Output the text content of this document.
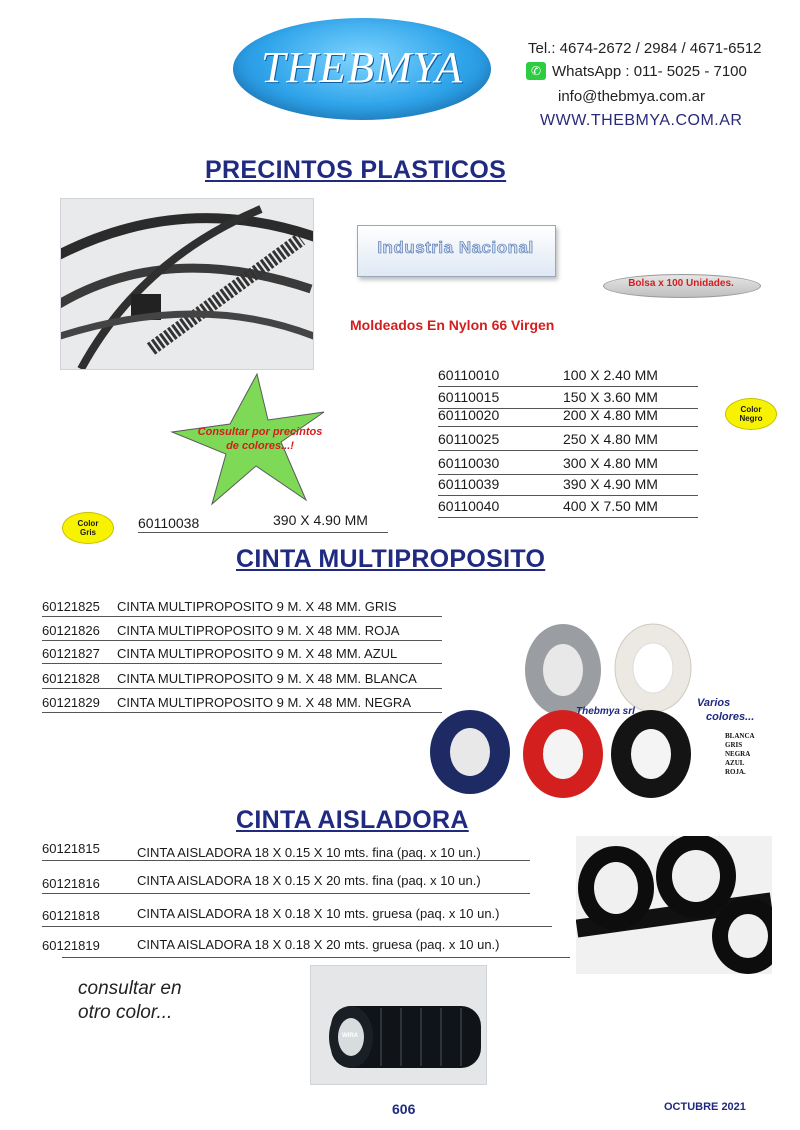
THEBMYA	Tel.: 4674-2672 / 2984 / 4671-6512
✆ WhatsApp : 011- 5025 - 7100
info@thebmya.com.ar
WWW.THEBMYA.COM.AR
PRECINTOS PLASTICOS
Industria Nacional
Bolsa x 100 Unidades.
Moldeados En Nylon 66 Virgen
Consultar por precintos de colores...!
60110010	100 X 2.40 MM
60110015	150 X 3.60 MM
60110020	200 X 4.80 MM
60110025	250 X 4.80 MM
60110030	300 X 4.80 MM
60110039	390 X 4.90 MM
60110040	400 X 7.50 MM
Color
Negro
Color
Gris
60110038	390 X 4.90 MM
CINTA MULTIPROPOSITO
60121825 CINTA MULTIPROPOSITO 9 M. X 48 MM. GRIS
60121826 CINTA MULTIPROPOSITO 9 M. X 48 MM. ROJA
60121827 CINTA MULTIPROPOSITO 9 M. X 48 MM. AZUL
60121828 CINTA MULTIPROPOSITO 9 M. X 48 MM. BLANCA
60121829 CINTA MULTIPROPOSITO 9 M. X 48 MM. NEGRA
Thebmya srl
Varios
colores...
BLANCA
GRIS
NEGRA
AZUL
ROJA.
CINTA AISLADORA
60121815	CINTA AISLADORA 18 X 0.15 X 10 mts. fina (paq. x 10 un.)
60121816	CINTA AISLADORA 18 X 0.15 X 20 mts. fina (paq. x 10 un.)
60121818	CINTA AISLADORA 18 X 0.18 X 10 mts. gruesa (paq. x 10 un.)
60121819	CINTA AISLADORA 18 X 0.18 X 20 mts. gruesa (paq. x 10 un.)
consultar en
otro color...
WIRA
606	OCTUBRE 2021
